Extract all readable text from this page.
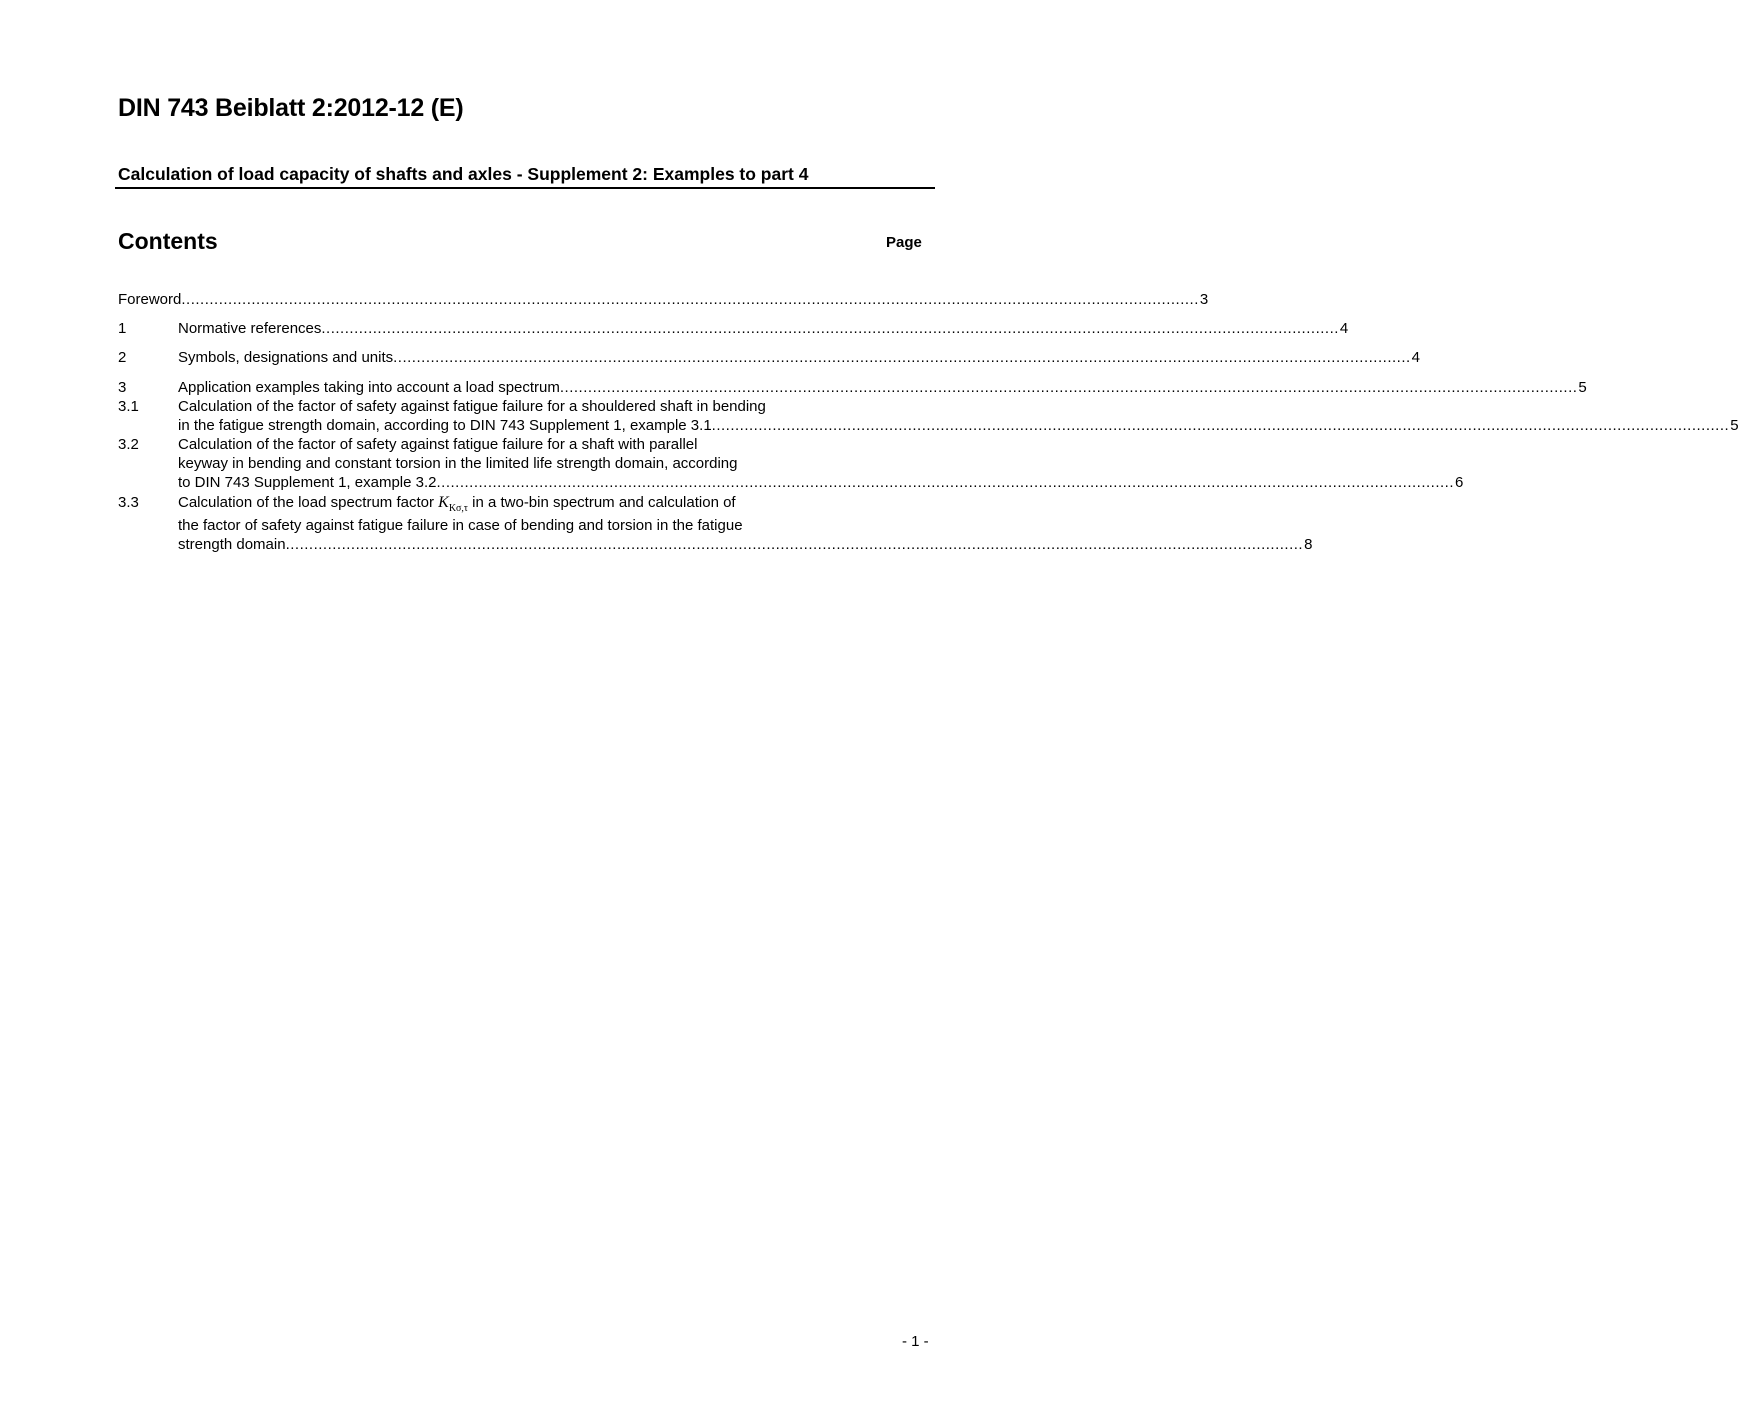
DIN 743 Beiblatt 2:2012-12 (E)
Calculation of load capacity of shafts and axles - Supplement 2: Examples to part 4
Contents	Page
Foreword .......................................................................................................................................................................................................................... 3
1	Normative references .......................................................................................................................................................................................................................... 4
2	Symbols, designations and units .......................................................................................................................................................................................................................... 4
3	Application examples taking into account a load spectrum .......................................................................................................................................................................................................................... 5
3.1	Calculation of the factor of safety against fatigue failure for a shouldered shaft in bending
in the fatigue strength domain, according to DIN 743 Supplement 1, example 3.1 .......................................................................................................................................................................................................................... 5
3.2	Calculation of the factor of safety against fatigue failure for a shaft with parallel
keyway in bending and constant torsion in the limited life strength domain, according
to DIN 743 Supplement 1, example 3.2 .......................................................................................................................................................................................................................... 6
3.3	Calculation of the load spectrum factor $K_{K\sigma,\tau}$ in a two-bin spectrum and calculation of
the factor of safety against fatigue failure in case of bending and torsion in the fatigue
strength domain .......................................................................................................................................................................................................................... 8
- 1 -
